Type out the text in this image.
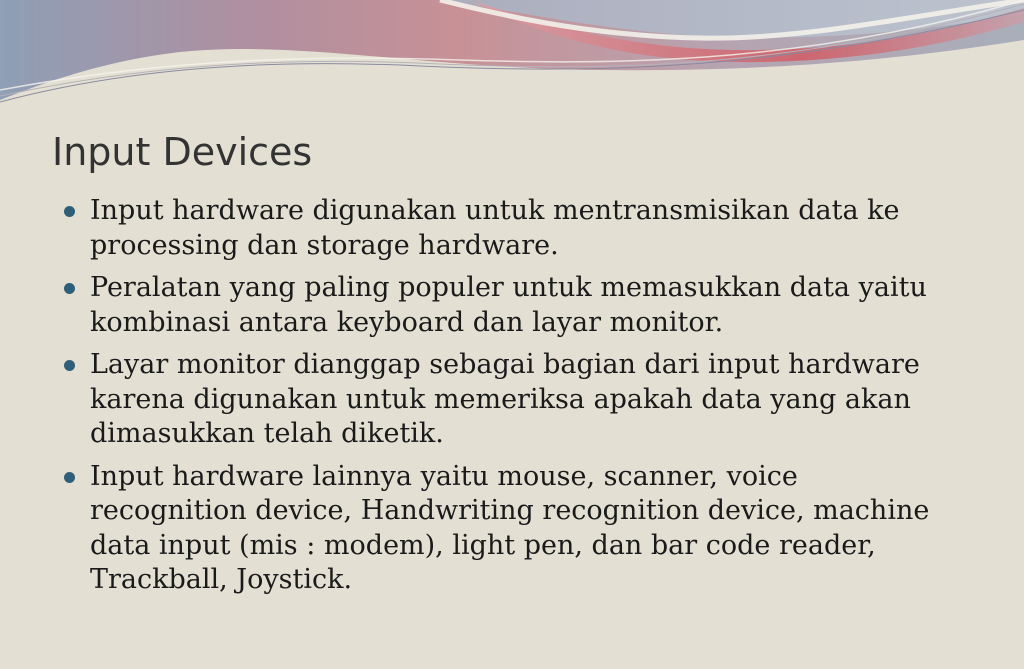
Input Devices
Input hardware digunakan untuk mentransmisikan data ke processing dan storage hardware.
Peralatan yang paling populer untuk memasukkan data yaitu kombinasi antara keyboard dan layar monitor.
Layar monitor dianggap sebagai bagian dari input hardware karena digunakan untuk memeriksa apakah data yang akan dimasukkan telah diketik.
Input hardware lainnya yaitu mouse, scanner, voice recognition device, Handwriting recognition device, machine data input (mis : modem), light pen, dan bar code reader, Trackball, Joystick.
